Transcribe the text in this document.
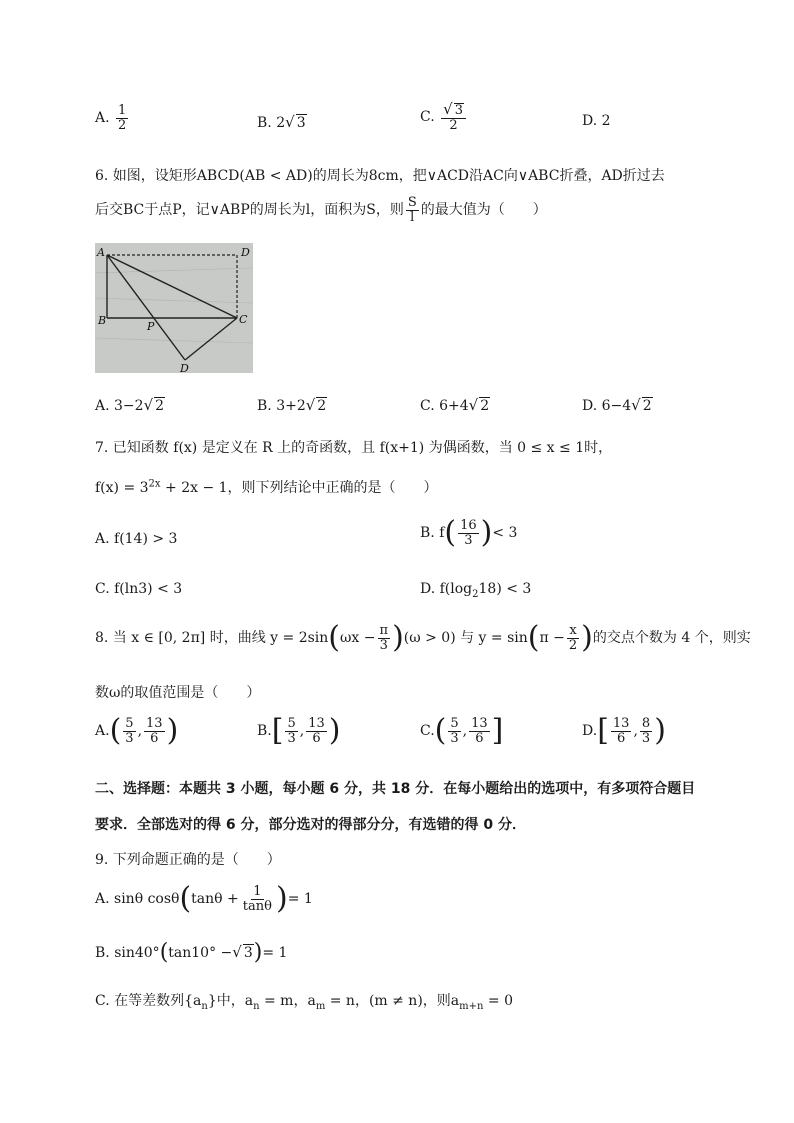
A. $\frac{1}{2}$	B. 2√ 3	C. $\frac{√ 3}{2}$	D. 2
6. 如图，设矩形ABCD(AB < AD)的周长为8cm，把∨ACD沿AC向∨ABC折叠，AD折过去
后交BC于点P，记∨ABP的周长为l，面积为S，则 $\frac{S}{l}$ 的最大值为（　　）
A	D
B	P
C
D
A. 3−2√ 2	B. 3+2√ 2	C. 6+4√ 2	D. 6−4√ 2
7. 已知函数 f(x) 是定义在 R 上的奇函数，且 f(x+1) 为偶函数，当 0 ≤ x ≤ 1时，
$f(x) = 3^{2x} + 2x - 1$，则下列结论中正确的是（　　）
A. f(14) > 3	B. $f( \frac{16}{3}$ )< 3
C. f(ln3) < 3	D. $f(\log_218) < 3$
8. 当 x ∈ [0, 2π] 时，曲线 $y = 2\sin(\omega x - \frac{\pi}{3} )(\omega > 0)$ 与 $y = \sin(\pi - \frac{x}{2}$ )的交点个数为 4 个，则实
数ω的取值范围是（　　）
$A.( \frac{5}{3}$ , $\frac{13}{6}$ )	$B.[ \frac{5}{3}$ , $\frac{13}{6}$ )	$C.( \frac{5}{3}$ , $\frac{13}{6}$ ]	$D.[ \frac{13}{6}$ , $\frac{8}{3}$ )
二、选择题：本题共 3 小题，每小题 6 分，共 18 分．在每小题给出的选项中，有多项符合题目
要求．全部选对的得 6 分，部分选对的得部分分，有选错的得 0 分．
9. 下列命题正确的是（　　）
A. sinθ $\cos\theta(\tan\theta + \frac{1}{\tan\theta}$ )= 1
B. sin40°(tan10° −√ 3)= 1
C. 在等差数列$\{a_n\}$中，$a_n = m$，$a_m = n$，(m ≠ n)，则$a_{m+n} = 0$
